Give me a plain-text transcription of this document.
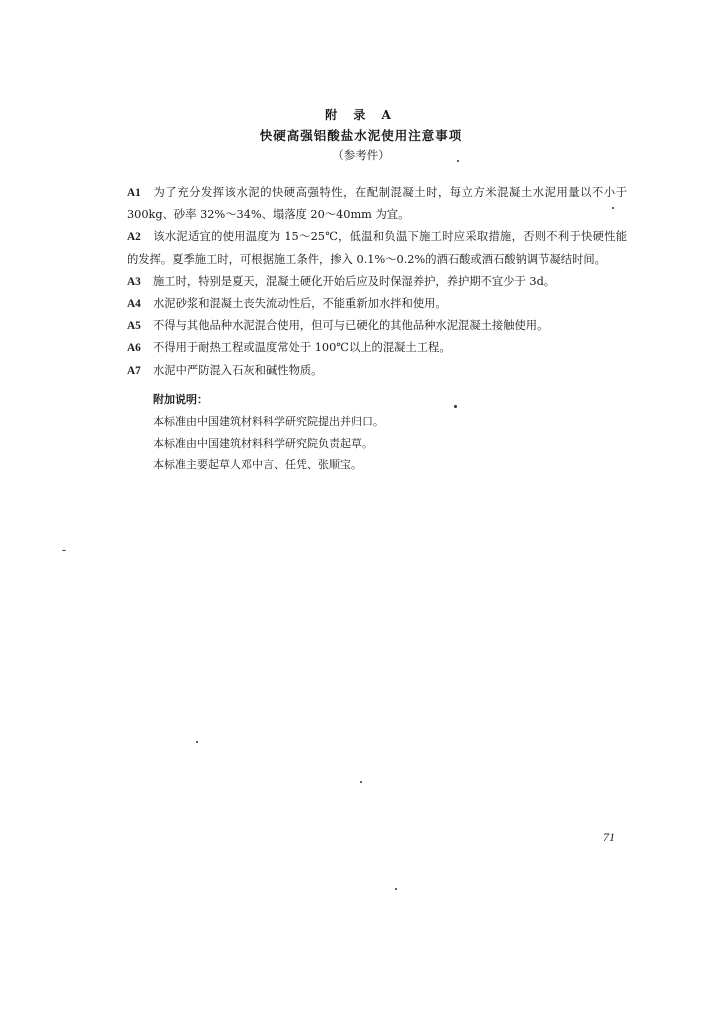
附 录 A
快硬高强铝酸盐水泥使用注意事项
（参考件）

A1 为了充分发挥该水泥的快硬高强特性，在配制混凝土时，每立方米混凝土水泥用量以不小于 300kg、砂率 32%～34%、塌落度 20～40mm 为宜。

A2 该水泥适宜的使用温度为 15～25℃，低温和负温下施工时应采取措施，否则不利于快硬性能的发挥。夏季施工时，可根据施工条件，掺入 0.1%～0.2%的酒石酸或酒石酸钠调节凝结时间。

A3 施工时，特别是夏天，混凝土硬化开始后应及时保湿养护，养护期不宜少于 3d。

A4 水泥砂浆和混凝土丧失流动性后，不能重新加水拌和使用。

A5 不得与其他品种水泥混合使用，但可与已硬化的其他品种水泥混凝土接触使用。

A6 不得用于耐热工程或温度常处于 100℃以上的混凝土工程。

A7 水泥中严防混入石灰和碱性物质。

附加说明：
本标准由中国建筑材料科学研究院提出并归口。
本标准由中国建筑材料科学研究院负责起草。
本标准主要起草人邓中言、任凭、张顺宝。
71
